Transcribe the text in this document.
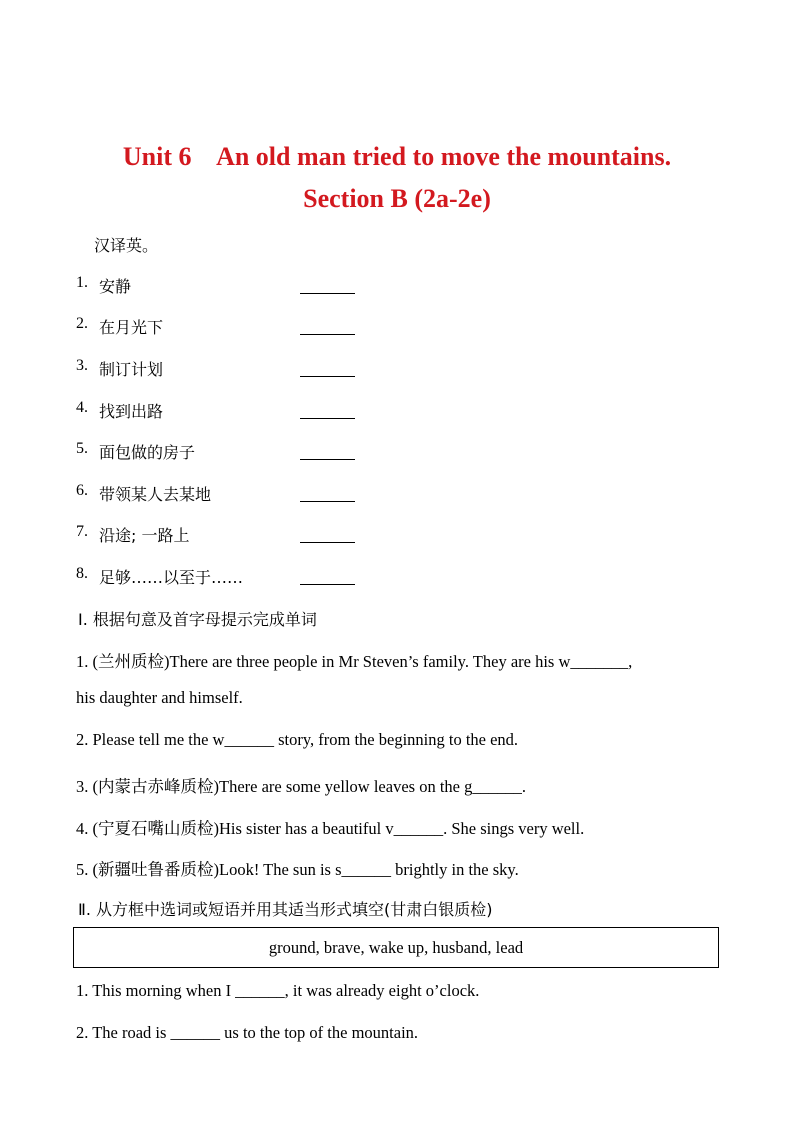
Unit 6    An old man tried to move the mountains.
Section B (2a-2e)
汉译英。
1. 安静
2. 在月光下
3. 制订计划
4. 找到出路
5. 面包做的房子
6. 带领某人去某地
7. 沿途; 一路上
8. 足够……以至于……
Ⅰ. 根据句意及首字母提示完成单词
1. (兰州质检)There are three people in Mr Steven’s family. They are his w_______,
his daughter and himself.
2. Please tell me the w______ story, from the beginning to the end.
3. (内蒙古赤峰质检)There are some yellow leaves on the g______.
4. (宁夏石嘴山质检)His sister has a beautiful v______. She sings very well.
5. (新疆吐鲁番质检)Look! The sun is s______ brightly in the sky.
Ⅱ. 从方框中选词或短语并用其适当形式填空(甘肃白银质检)
ground, brave, wake up, husband, lead
1. This morning when I ______, it was already eight o’clock.
2. The road is ______ us to the top of the mountain.
